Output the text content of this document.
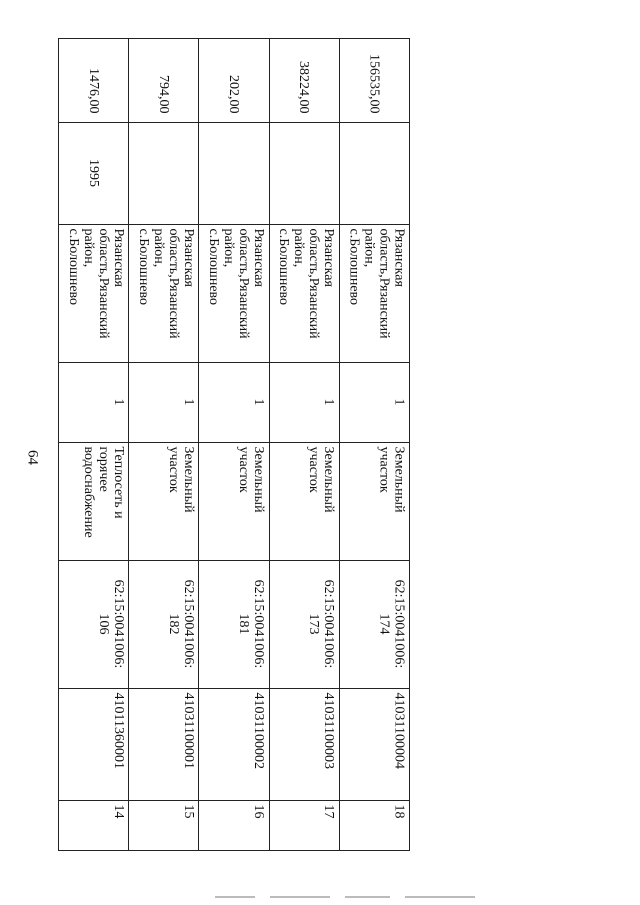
64
14	41011360001	62:15:0041006:
106	Теплосеть и
горячее
водоснабжение	1	Рязанская
область,Рязанский
район,
с.Болошнево	1995	1476,00
15	41031100001	62:15:0041006:
182	Земельный
участок	1	Рязанская
область,Рязанский
район,
с.Болошнево		794,00
16	41031100002	62:15:0041006:
181	Земельный
участок	1	Рязанская
область,Рязанский
район,
с.Болошнево		202,00
17	41031100003	62:15:0041006:
173	Земельный
участок	1	Рязанская
область,Рязанский
район,
с.Болошнево		38224,00
18	41031100004	62:15:0041006:
174	Земельный
участок	1	Рязанская
область,Рязанский
район,
с.Болошнево		156535,00
